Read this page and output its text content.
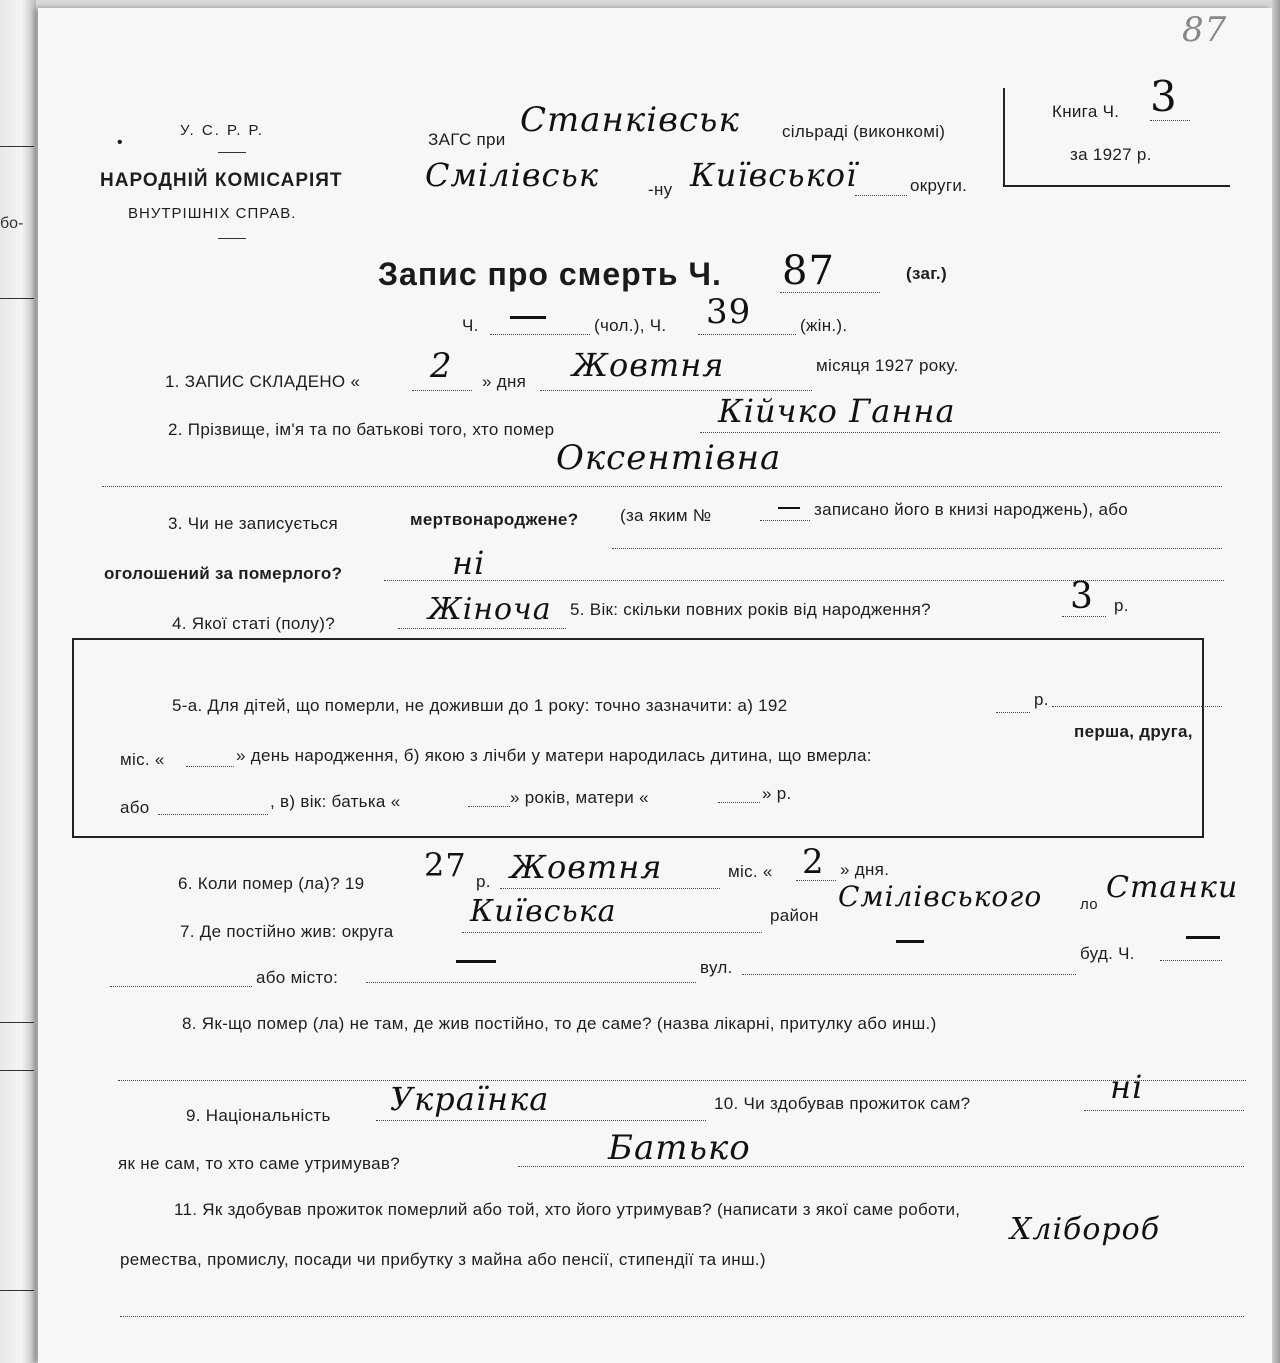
бо-
87
У. С. Р. Р.
•
НАРОДНІЙ КОМІСАРІЯТ
ВНУТРІШНІХ СПРАВ.
ЗАГС при Станківськ сільраді (виконкомі)
Смілівськ	-ну Київської	округи.
Книга Ч. 3
за 1927 р.
Запис про смерть Ч. 87	(заг.)
Ч.	(чол.), Ч. 39	(жін.).
1. ЗАПИС СКЛАДЕНО « 2 » дня Жовтня	місяця 1927 року.
2. Прізвище, ім'я та по батькові того, хто помер	Кійчко Ганна
Оксентівна
3. Чи не записується	мертвонароджене? (за яким №	записано його в книзі народжень), або
оголошений за померлого?	ні
4. Якої статі (полу)?	Жіноча 5. Вік: скільки повних років від народження?	3 р.
5-а. Для дітей, що померли, не доживши до 1 року: точно зазначити: а) 192	р.
міс. «	» день народження, б) якою з лічби у матери народилась дитина, що вмерла:
перша, друга,
або	, в) вік: батька «	» років, матери «	» р.
6. Коли помер (ла)? 19 27 р. Жовтня	міс. « 2 » дня.
7. Де постійно жив: округа
Київська	район
Смілівського	ло Станки
або місто:
вул.
буд. Ч.
8. Як-що помер (ла) не там, де жив постійно, то де саме? (назва лікарні, притулку або инш.)
9. Національність Українка	10. Чи здобував прожиток сам?	ні
як не сам, то хто саме утримував?	Батько
11. Як здобував прожиток померлий або той, хто його утримував? (написати з якої саме роботи,
ремества, промислу, посади чи прибутку з майна або пенсії, стипендії та инш.)
Хлібороб
